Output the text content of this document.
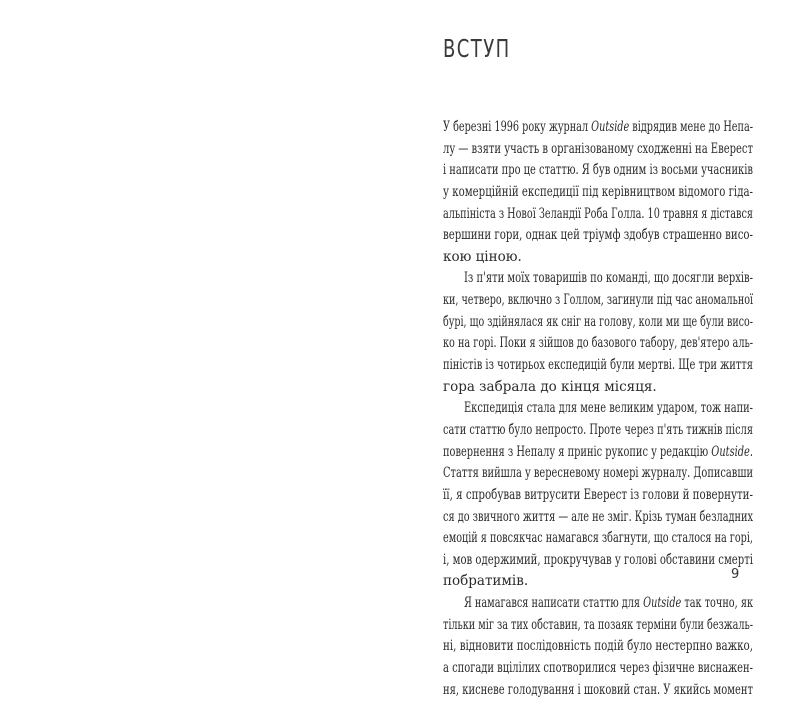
ВСТУП
У березні 1996 року журнал Outside відрядив мене до Непа-
лу — взяти участь в організованому сходженні на Еверест
і написати про це статтю. Я був одним із восьми учасників
у комерційній експедиції під керівництвом відомого гіда-
альпініста з Нової Зеландії Роба Голла. 10 травня я дістався
вершини гори, однак цей тріумф здобув страшенно висо-
кою ціною.
Із п'яти моїх товаришів по команді, що досягли верхів-
ки, четверо, включно з Голлом, загинули під час аномальної
бурі, що здійнялася як сніг на голову, коли ми ще були висо-
ко на горі. Поки я зійшов до базового табору, дев'ятеро аль-
піністів із чотирьох експедицій були мертві. Ще три життя
гора забрала до кінця місяця.
Експедиція стала для мене великим ударом, тож напи-
сати статтю було непросто. Проте через п'ять тижнів після
повернення з Непалу я приніс рукопис у редакцію Outside.
Стаття вийшла у вересневому номері журналу. Дописавши
її, я спробував витрусити Еверест із голови й повернути-
ся до звичного життя — але не зміг. Крізь туман безладних
емоцій я повсякчас намагався збагнути, що сталося на горі,
і, мов одержимий, прокручував у голові обставини смерті
побратимів.
Я намагався написати статтю для Outside так точно, як
тільки міг за тих обставин, та позаяк терміни були безжаль-
ні, відновити послідовність подій було нестерпно важко,
а спогади вцілілих спотворилися через фізичне виснажен-
ня, кисневе голодування і шоковий стан. У якийсь момент
9
